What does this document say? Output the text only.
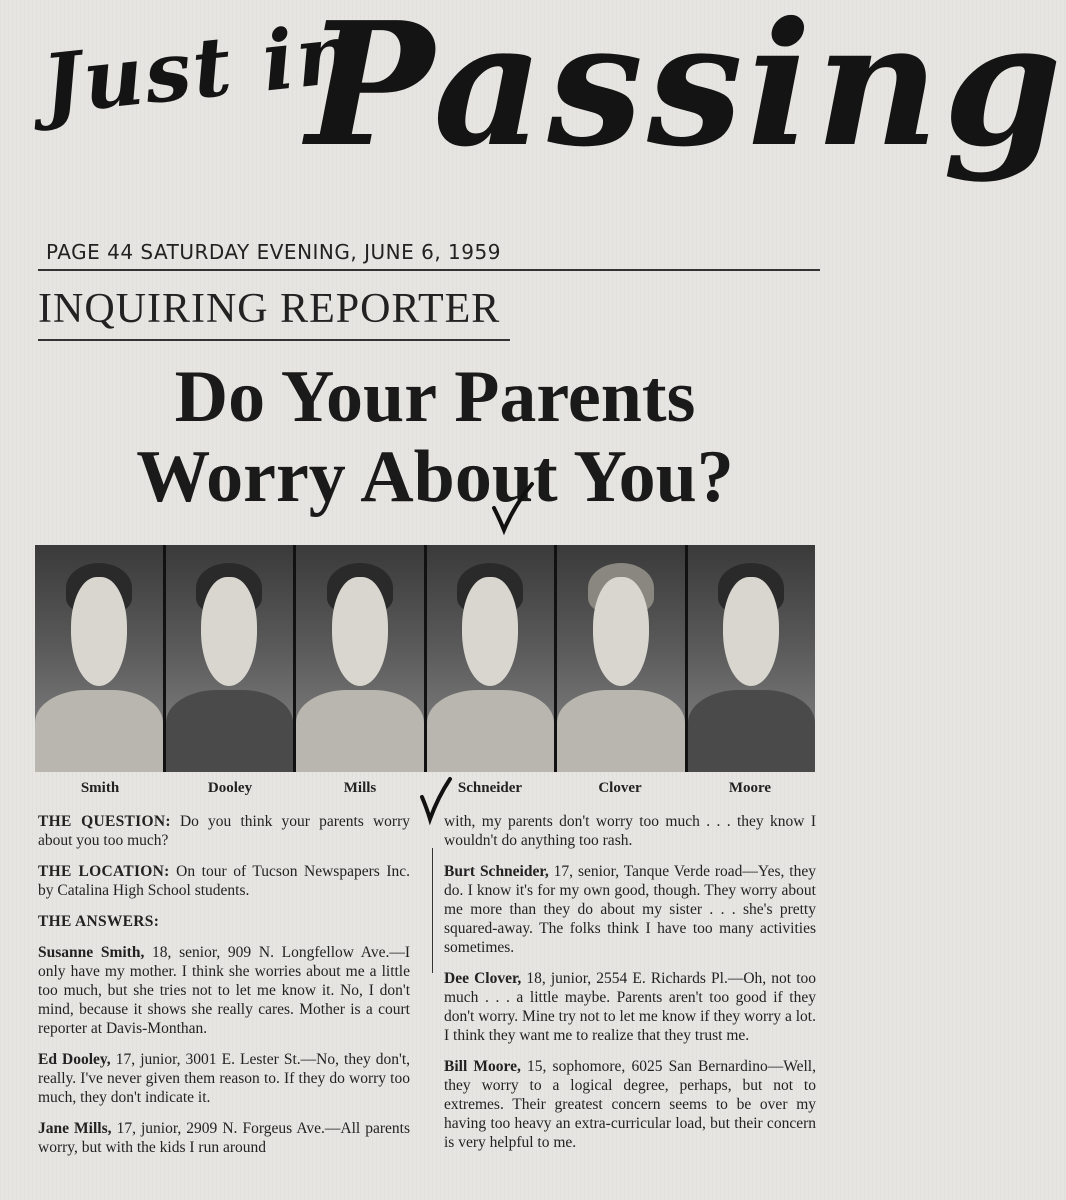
Just in
Passing
PAGE 44 SATURDAY EVENING, JUNE 6, 1959
INQUIRING REPORTER
Do Your Parents
Worry About You?
Smith	Dooley	Mills	Schneider	Clover	Moore

THE QUESTION: Do you think your parents worry about you too much?

THE LOCATION: On tour of Tucson Newspapers Inc. by Catalina High School students.

THE ANSWERS:

Susanne Smith, 18, senior, 909 N. Longfellow Ave.—I only have my mother. I think she worries about me a little too much, but she tries not to let me know it. No, I don't mind, because it shows she really cares. Mother is a court reporter at Davis-Monthan.

Ed Dooley, 17, junior, 3001 E. Lester St.—No, they don't, really. I've never given them reason to. If they do worry too much, they don't indicate it.

Jane Mills, 17, junior, 2909 N. Forgeus Ave.—All parents worry, but with the kids I run around

with, my parents don't worry too much . . . they know I wouldn't do anything too rash.

Burt Schneider, 17, senior, Tanque Verde road—Yes, they do. I know it's for my own good, though. They worry about me more than they do about my sister . . . she's pretty squared-away. The folks think I have too many activities sometimes.

Dee Clover, 18, junior, 2554 E. Richards Pl.—Oh, not too much . . . a little maybe. Parents aren't too good if they don't worry. Mine try not to let me know if they worry a lot. I think they want me to realize that they trust me.

Bill Moore, 15, sophomore, 6025 San Bernardino—Well, they worry to a logical degree, perhaps, but not to extremes. Their greatest concern seems to be over my having too heavy an extra-curricular load, but their concern is very helpful to me.
